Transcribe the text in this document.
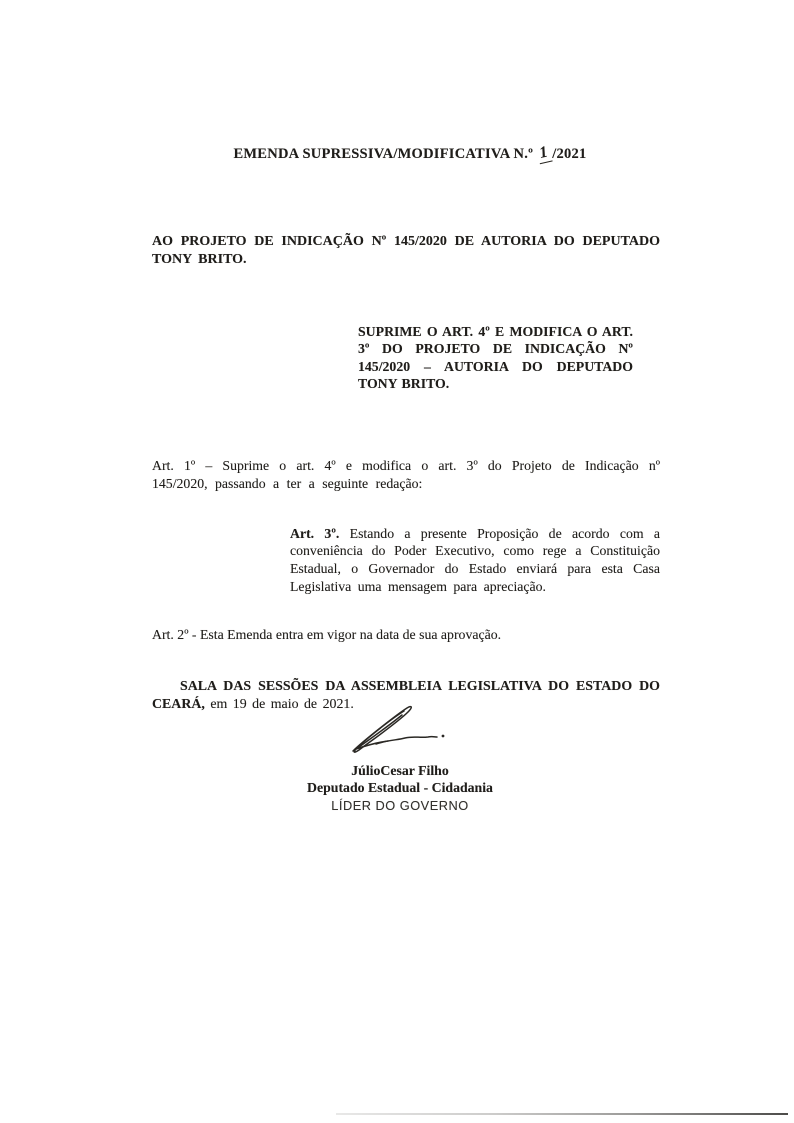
EMENDA SUPRESSIVA/MODIFICATIVA N.º 1 /2021

AO PROJETO DE INDICAÇÃO Nº 145/2020 DE AUTORIA DO DEPUTADO TONY BRITO.

SUPRIME O ART. 4º E MODIFICA O ART. 3º DO PROJETO DE INDICAÇÃO Nº 145/2020 – AUTORIA DO DEPUTADO TONY BRITO.

Art. 1º – Suprime o art. 4º e modifica o art. 3º do Projeto de Indicação nº 145/2020, passando a ter a seguinte redação:

Art. 3º. Estando a presente Proposição de acordo com a conveniência do Poder Executivo, como rege a Constituição Estadual, o Governador do Estado enviará para esta Casa Legislativa uma mensagem para apreciação.

Art. 2º - Esta Emenda entra em vigor na data de sua aprovação.

SALA DAS SESSÕES DA ASSEMBLEIA LEGISLATIVA DO ESTADO DO CEARÁ, em 19 de maio de 2021.

JúlioCesar Filho
Deputado Estadual - Cidadania
LÍDER DO GOVERNO
